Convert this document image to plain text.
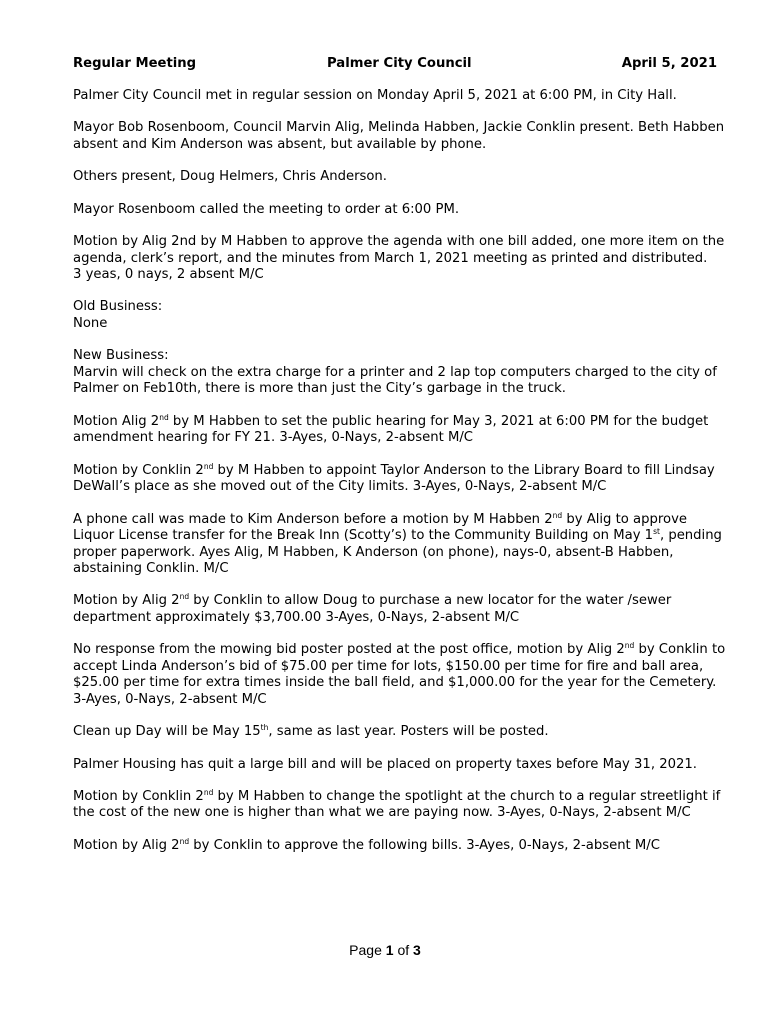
Regular Meeting	Palmer City Council	April 5, 2021

Palmer City Council met in regular session on Monday April 5, 2021 at 6:00 PM, in City Hall.

Mayor Bob Rosenboom, Council Marvin Alig, Melinda Habben, Jackie Conklin present. Beth Habben absent and Kim Anderson was absent, but available by phone.

Others present, Doug Helmers, Chris Anderson.

Mayor Rosenboom called the meeting to order at 6:00 PM.

Motion by Alig 2nd by M Habben to approve the agenda with one bill added, one more item on the agenda, clerk’s report, and the minutes from March 1, 2021 meeting as printed and distributed.
3 yeas, 0 nays, 2 absent M/C

Old Business:
None

New Business:
Marvin will check on the extra charge for a printer and 2 lap top computers charged to the city of Palmer on Feb10th, there is more than just the City’s garbage in the truck.

Motion Alig 2nd by M Habben to set the public hearing for May 3, 2021 at 6:00 PM for the budget amendment hearing for FY 21. 3-Ayes, 0-Nays, 2-absent M/C

Motion by Conklin 2nd by M Habben to appoint Taylor Anderson to the Library Board to fill Lindsay DeWall’s place as she moved out of the City limits. 3-Ayes, 0-Nays, 2-absent M/C

A phone call was made to Kim Anderson before a motion by M Habben 2nd by Alig to approve Liquor License transfer for the Break Inn (Scotty’s) to the Community Building on May 1st, pending proper paperwork. Ayes Alig, M Habben, K Anderson (on phone), nays-0, absent-B Habben, abstaining Conklin. M/C

Motion by Alig 2nd by Conklin to allow Doug to purchase a new locator for the water /sewer department approximately $3,700.00 3-Ayes, 0-Nays, 2-absent M/C

No response from the mowing bid poster posted at the post office, motion by Alig 2nd by Conklin to accept Linda Anderson’s bid of $75.00 per time for lots, $150.00 per time for fire and ball area, $25.00 per time for extra times inside the ball field, and $1,000.00 for the year for the Cemetery.
3-Ayes, 0-Nays, 2-absent M/C

Clean up Day will be May 15th, same as last year. Posters will be posted.

Palmer Housing has quit a large bill and will be placed on property taxes before May 31, 2021.

Motion by Conklin 2nd by M Habben to change the spotlight at the church to a regular streetlight if the cost of the new one is higher than what we are paying now. 3-Ayes, 0-Nays, 2-absent M/C

Motion by Alig 2nd by Conklin to approve the following bills. 3-Ayes, 0-Nays, 2-absent M/C

Page 1 of 3
